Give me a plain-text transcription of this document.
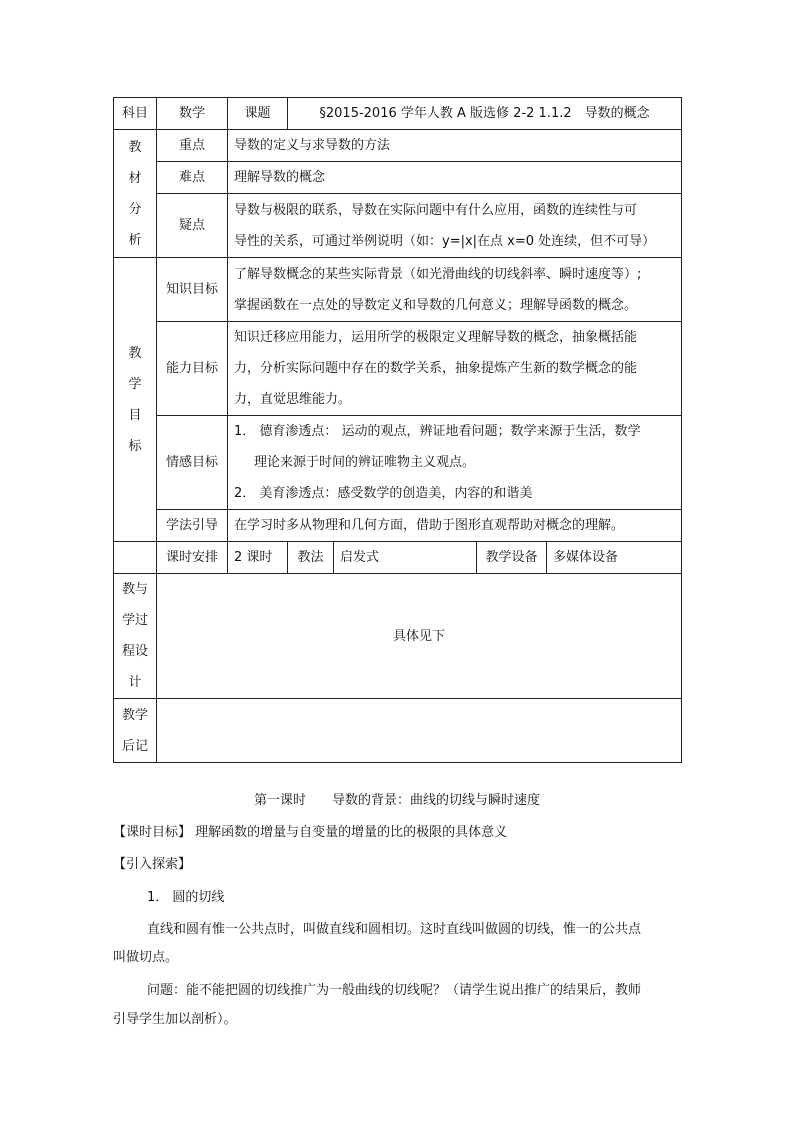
科目	数学	课题	§2015-2016 学年人教 A 版选修 2-2 1.1.2　导数的概念			

教
材
分
析	重点	导数的定义与求导数的方法				
	难点	理解导数的概念				
	疑点	导数与极限的联系，导数在实际问题中有什么应用，函数的连续性与可
导性的关系，可通过举例说明（如：y=|x|在点 x=0 处连续，但不可导）				

教
学
目
标	知识目标	了解导数概念的某些实际背景（如光滑曲线的切线斜率、瞬时速度等）;
掌握函数在一点处的导数定义和导数的几何意义；理解导函数的概念。				

	能力目标	知识迁移应用能力，运用所学的极限定义理解导数的概念，抽象概括能
力，分析实际问题中存在的数学关系，抽象提炼产生新的数学概念的能
力，直觉思维能力。				

	情感目标	1． 德育渗透点： 运动的观点，辨证地看问题；数学来源于生活，数学
理论来源于时间的辨证唯物主义观点。
2． 美育渗透点：感受数学的创造美，内容的和谐美				

	学法引导	在学习时多从物理和几何方面，借助于图形直观帮助对概念的理解。				
	课时安排	2 课时	教法	启发式	教学设备	多媒体设备

教与
学过
程设
计	具体见下					

教学
后记						

第一课时　　导数的背景：曲线的切线与瞬时速度
【课时目标】 理解函数的增量与自变量的增量的比的极限的具体意义
【引入探索】
1． 圆的切线
直线和圆有惟一公共点时，叫做直线和圆相切。这时直线叫做圆的切线，惟一的公共点
叫做切点。
问题：能不能把圆的切线推广为一般曲线的切线呢？（请学生说出推广的结果后，教师
引导学生加以剖析）。
